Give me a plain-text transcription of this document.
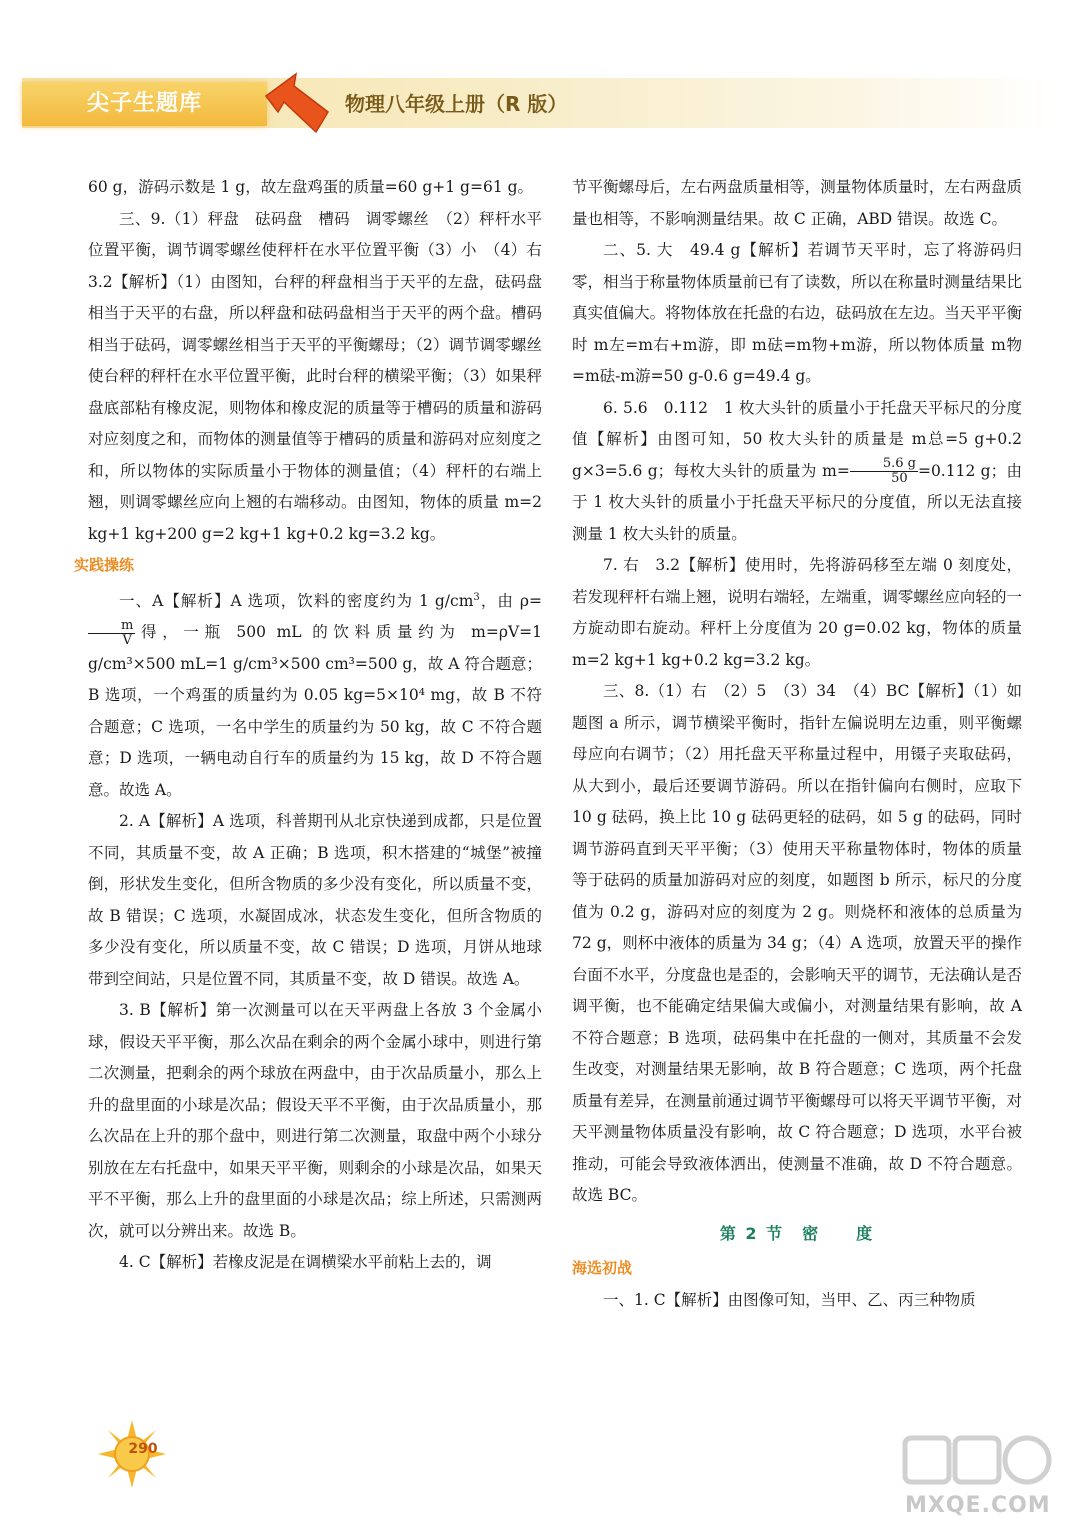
尖子生题库	物理八年级上册（R 版）

60 g，游码示数是 1 g，故左盘鸡蛋的质量=60 g+1 g=61 g。

三、9.（1）秤盘　砝码盘　槽码　调零螺丝　（2）秤杆水平位置平衡，调节调零螺丝使秤杆在水平位置平衡（3）小　（4）右　3.2【解析】（1）由图知，台秤的秤盘相当于天平的左盘，砝码盘相当于天平的右盘，所以秤盘和砝码盘相当于天平的两个盘。槽码相当于砝码，调零螺丝相当于天平的平衡螺母；（2）调节调零螺丝使台秤的秤杆在水平位置平衡，此时台秤的横梁平衡；（3）如果秤盘底部粘有橡皮泥，则物体和橡皮泥的质量等于槽码的质量和游码对应刻度之和，而物体的测量值等于槽码的质量和游码对应刻度之和，所以物体的实际质量小于物体的测量值；（4）秤杆的右端上翘，则调零螺丝应向上翘的右端移动。由图知，物体的质量 m=2 kg+1 kg+200 g=2 kg+1 kg+0.2 kg=3.2 kg。

实践操练

一、A【解析】A 选项，饮料的密度约为 1 $g/cm^3$，由 ρ=
$\frac{m}{V}$ 得，一瓶 500 mL 的饮料质量约为 m=ρV=1 g/cm³×500 mL=1 g/cm³×500 cm³=500 g，故 A 符合题意；B 选项，一个鸡蛋的质量约为 0.05 kg=5×10⁴ mg，故 B 不符合题意；C 选项，一名中学生的质量约为 50 kg，故 C 不符合题意；D 选项，一辆电动自行车的质量约为 15 kg，故 D 不符合题意。故选 A。

2. A【解析】A 选项，科普期刊从北京快递到成都，只是位置不同，其质量不变，故 A 正确；B 选项，积木搭建的“城堡”被撞倒，形状发生变化，但所含物质的多少没有变化，所以质量不变，故 B 错误；C 选项，水凝固成冰，状态发生变化，但所含物质的多少没有变化，所以质量不变，故 C 错误；D 选项，月饼从地球带到空间站，只是位置不同，其质量不变，故 D 错误。故选 A。

3. B【解析】第一次测量可以在天平两盘上各放 3 个金属小球，假设天平平衡，那么次品在剩余的两个金属小球中，则进行第二次测量，把剩余的两个球放在两盘中，由于次品质量小，那么上升的盘里面的小球是次品；假设天平不平衡，由于次品质量小，那么次品在上升的那个盘中，则进行第二次测量，取盘中两个小球分别放在左右托盘中，如果天平平衡，则剩余的小球是次品，如果天平不平衡，那么上升的盘里面的小球是次品；综上所述，只需测两次，就可以分辨出来。故选 B。

4. C【解析】若橡皮泥是在调横梁水平前粘上去的，调

节平衡螺母后，左右两盘质量相等，测量物体质量时，左右两盘质量也相等，不影响测量结果。故 C 正确，ABD 错误。故选 C。

二、5. 大　49.4 g【解析】若调节天平时，忘了将游码归零，相当于称量物体质量前已有了读数，所以在称量时测量结果比真实值偏大。将物体放在托盘的右边，砝码放在左边。当天平平衡时 m左=m右+m游，即 m砝=m物+m游，所以物体质量 m物=m砝-m游=50 g-0.6 g=49.4 g。

6. 5.6　0.112　1 枚大头针的质量小于托盘天平标尺的分度值【解析】由图可知，50 枚大头针的质量是 m总=5 g+0.2 g×3=5.6 g；每枚大头针的质量为 $m= \frac{5.6 g}{50} =0.112$ g；由于 1 枚大头针的质量小于托盘天平标尺的分度值，所以无法直接测量 1 枚大头针的质量。

7. 右　3.2【解析】使用时，先将游码移至左端 0 刻度处，若发现秤杆右端上翘，说明右端轻，左端重，调零螺丝应向轻的一方旋动即右旋动。秤杆上分度值为 20 g=0.02 kg，物体的质量 m=2 kg+1 kg+0.2 kg=3.2 kg。

三、8.（1）右　（2）5　（3）34　（4）BC【解析】（1）如题图 a 所示，调节横梁平衡时，指针左偏说明左边重，则平衡螺母应向右调节；（2）用托盘天平称量过程中，用镊子夹取砝码，从大到小，最后还要调节游码。所以在指针偏向右侧时，应取下 10 g 砝码，换上比 10 g 砝码更轻的砝码，如 5 g 的砝码，同时调节游码直到天平平衡；（3）使用天平称量物体时，物体的质量等于砝码的质量加游码对应的刻度，如题图 b 所示，标尺的分度值为 0.2 g，游码对应的刻度为 2 g。则烧杯和液体的总质量为 72 g，则杯中液体的质量为 34 g；（4）A 选项，放置天平的操作台面不水平，分度盘也是歪的，会影响天平的调节，无法确认是否调平衡，也不能确定结果偏大或偏小，对测量结果有影响，故 A 不符合题意；B 选项，砝码集中在托盘的一侧对，其质量不会发生改变，对测量结果无影响，故 B 符合题意；C 选项，两个托盘质量有差异，在测量前通过调节平衡螺母可以将天平调节平衡，对天平测量物体质量没有影响，故 C 符合题意；D 选项，水平台被推动，可能会导致液体洒出，使测量不准确，故 D 不符合题意。故选 BC。

第 2 节　密　　度

海选初战

一、1. C【解析】由图像可知，当甲、乙、丙三种物质

290
MXQE.COM
